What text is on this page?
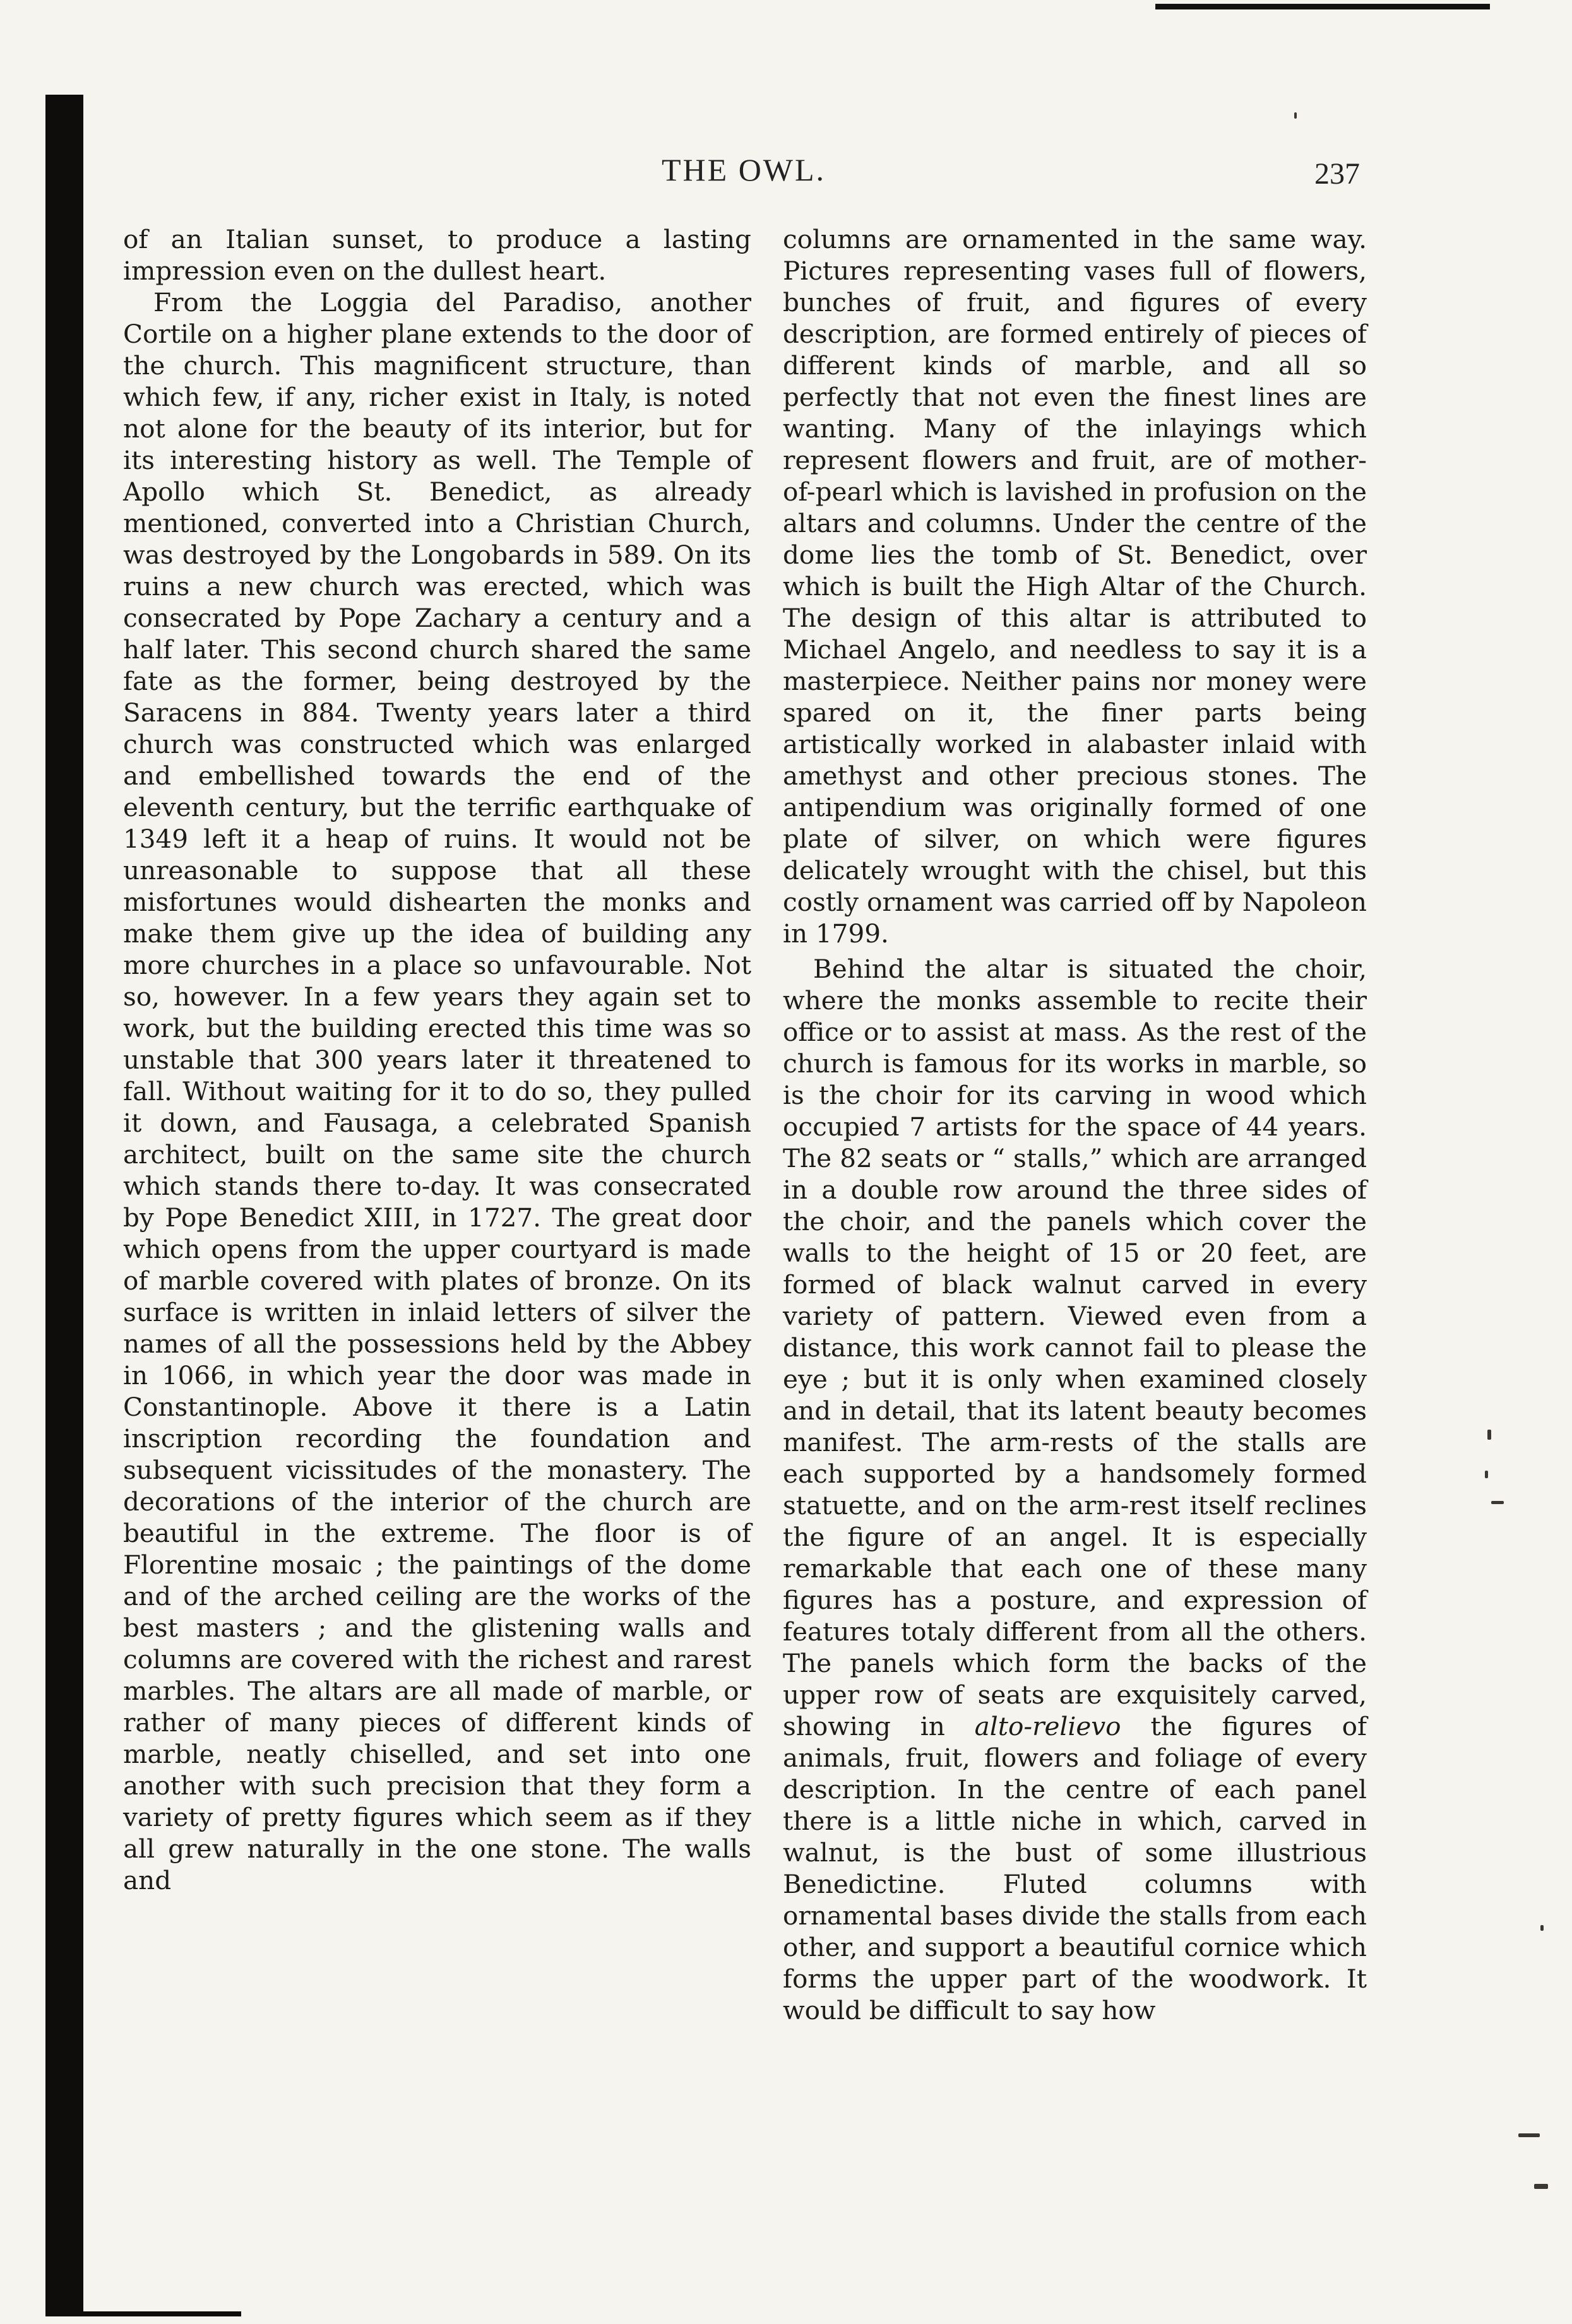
THE OWL.	237

of an Italian sunset, to produce a lasting impression even on the dullest heart.

From the Loggia del Paradiso, another Cortile on a higher plane extends to the door of the church. This magnificent structure, than which few, if any, richer exist in Italy, is noted not alone for the beauty of its interior, but for its interesting history as well. The Temple of Apollo which St. Benedict, as already mentioned, converted into a Christian Church, was destroyed by the Longobards in 589. On its ruins a new church was erected, which was consecrated by Pope Zachary a century and a half later. This second church shared the same fate as the former, being destroyed by the Saracens in 884. Twenty years later a third church was constructed which was enlarged and embellished towards the end of the eleventh century, but the terrific earthquake of 1349 left it a heap of ruins. It would not be unreasonable to suppose that all these misfortunes would dishearten the monks and make them give up the idea of building any more churches in a place so unfavourable. Not so, however. In a few years they again set to work, but the building erected this time was so unstable that 300 years later it threatened to fall. Without waiting for it to do so, they pulled it down, and Fausaga, a celebrated Spanish architect, built on the same site the church which stands there to-day. It was consecrated by Pope Benedict XIII, in 1727. The great door which opens from the upper courtyard is made of marble covered with plates of bronze. On its surface is written in inlaid letters of silver the names of all the possessions held by the Abbey in 1066, in which year the door was made in Constantinople. Above it there is a Latin inscription recording the foundation and subsequent vicissitudes of the monastery. The decorations of the interior of the church are beautiful in the extreme. The floor is of Florentine mosaic ; the paintings of the dome and of the arched ceiling are the works of the best masters ; and the glistening walls and columns are covered with the richest and rarest marbles. The altars are all made of marble, or rather of many pieces of different kinds of marble, neatly chiselled, and set into one another with such precision that they form a variety of pretty figures which seem as if they all grew naturally in the one stone. The walls and

columns are ornamented in the same way. Pictures representing vases full of flowers, bunches of fruit, and figures of every description, are formed entirely of pieces of different kinds of marble, and all so perfectly that not even the finest lines are wanting. Many of the inlayings which represent flowers and fruit, are of mother-of-pearl which is lavished in profusion on the altars and columns. Under the centre of the dome lies the tomb of St. Benedict, over which is built the High Altar of the Church. The design of this altar is attributed to Michael Angelo, and needless to say it is a masterpiece. Neither pains nor money were spared on it, the finer parts being artistically worked in alabaster inlaid with amethyst and other precious stones. The antipendium was originally formed of one plate of silver, on which were figures delicately wrought with the chisel, but this costly ornament was carried off by Napoleon in 1799.

Behind the altar is situated the choir, where the monks assemble to recite their office or to assist at mass. As the rest of the church is famous for its works in marble, so is the choir for its carving in wood which occupied 7 artists for the space of 44 years. The 82 seats or “ stalls,” which are arranged in a double row around the three sides of the choir, and the panels which cover the walls to the height of 15 or 20 feet, are formed of black walnut carved in every variety of pattern. Viewed even from a distance, this work cannot fail to please the eye ; but it is only when examined closely and in detail, that its latent beauty becomes manifest. The arm-rests of the stalls are each supported by a handsomely formed statuette, and on the arm-rest itself reclines the figure of an angel. It is especially remarkable that each one of these many figures has a posture, and expression of features totaly different from all the others. The panels which form the backs of the upper row of seats are exquisitely carved, showing in alto-relievo the figures of animals, fruit, flowers and foliage of every description. In the centre of each panel there is a little niche in which, carved in walnut, is the bust of some illustrious Benedictine. Fluted columns with ornamental bases divide the stalls from each other, and support a beautiful cornice which forms the upper part of the woodwork. It would be difficult to say how
